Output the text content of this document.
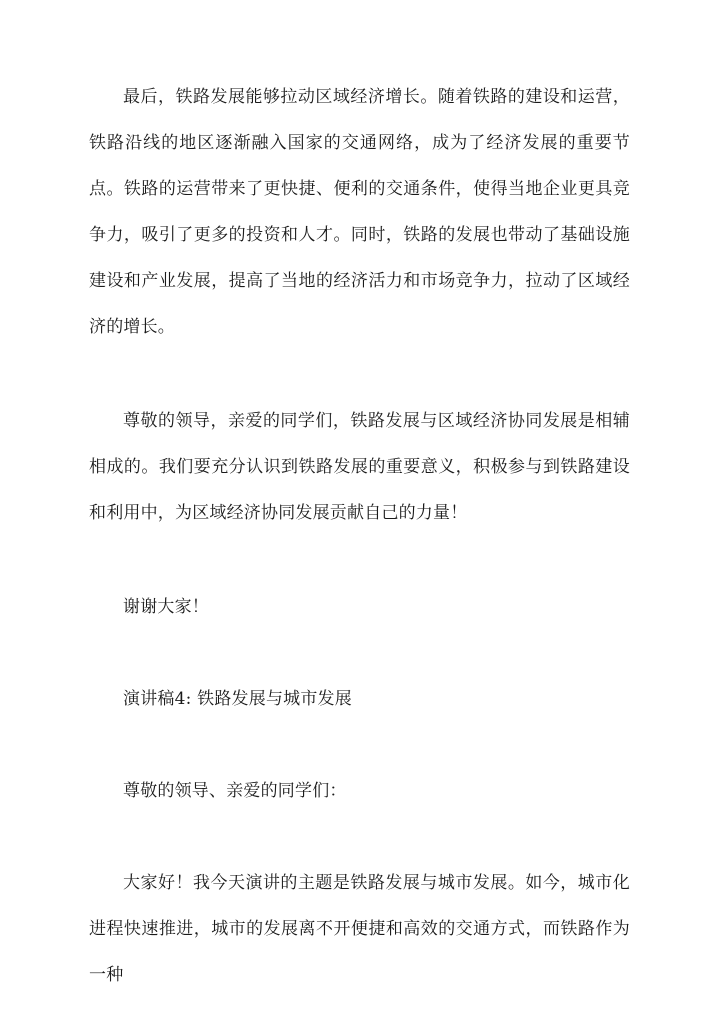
最后，铁路发展能够拉动区域经济增长。随着铁路的建设和运营，铁路沿线的地区逐渐融入国家的交通网络，成为了经济发展的重要节点。铁路的运营带来了更快捷、便利的交通条件，使得当地企业更具竞争力，吸引了更多的投资和人才。同时，铁路的发展也带动了基础设施建设和产业发展，提高了当地的经济活力和市场竞争力，拉动了区域经济的增长。

尊敬的领导，亲爱的同学们，铁路发展与区域经济协同发展是相辅相成的。我们要充分认识到铁路发展的重要意义，积极参与到铁路建设和利用中，为区域经济协同发展贡献自己的力量！

谢谢大家！

演讲稿4: 铁路发展与城市发展

尊敬的领导、亲爱的同学们：

大家好！我今天演讲的主题是铁路发展与城市发展。如今，城市化进程快速推进，城市的发展离不开便捷和高效的交通方式，而铁路作为一种
